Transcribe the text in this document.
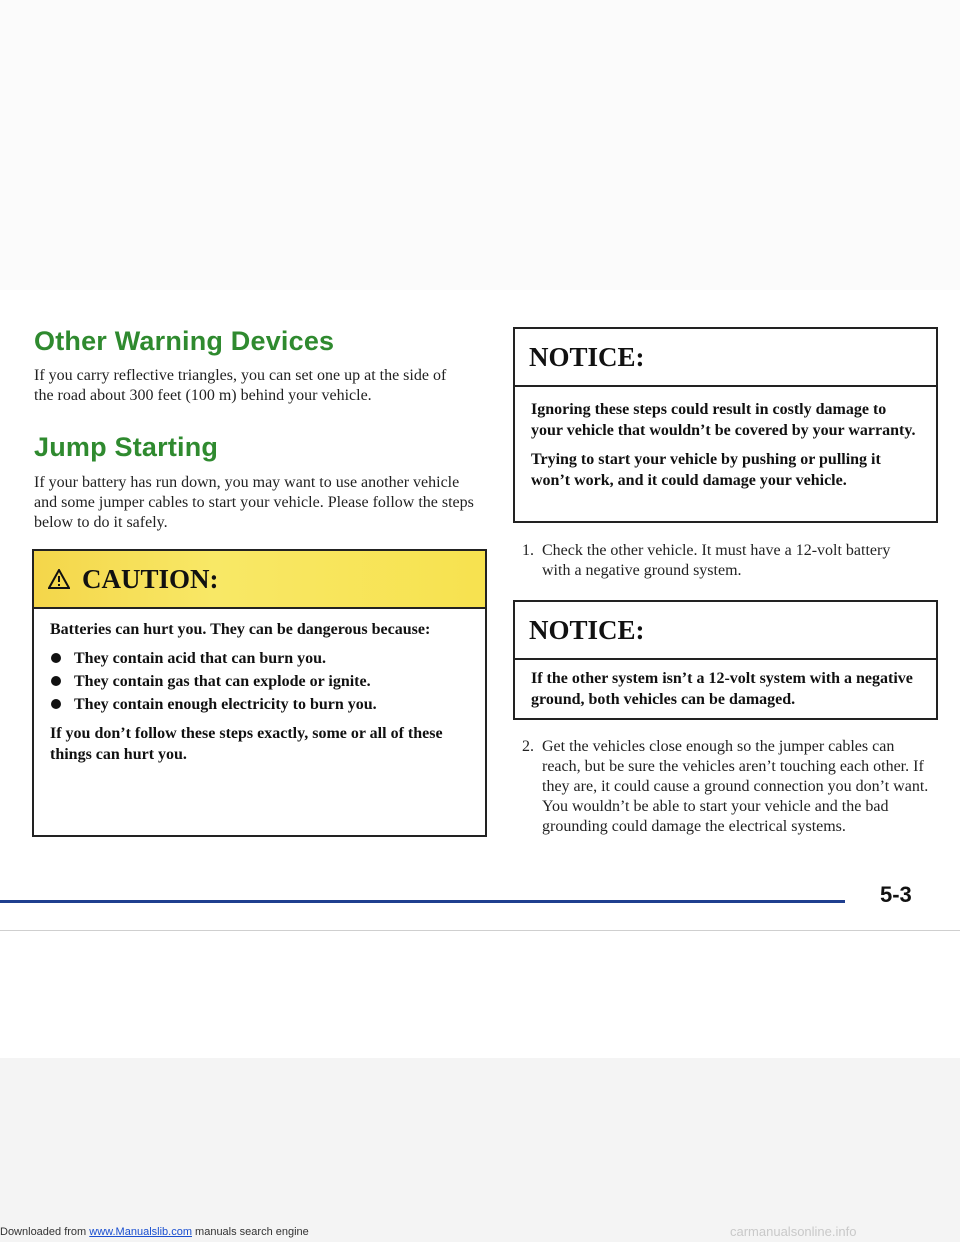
Other Warning Devices

If you carry reflective triangles, you can set one up at the side of the road about 300 feet (100 m) behind your vehicle.

Jump Starting

If your battery has run down, you may want to use another vehicle and some jumper cables to start your vehicle. Please follow the steps below to do it safely.

CAUTION:

Batteries can hurt you. They can be dangerous because:

They contain acid that can burn you.
They contain gas that can explode or ignite.
They contain enough electricity to burn you.

If you don’t follow these steps exactly, some or all of these things can hurt you.

NOTICE:

Ignoring these steps could result in costly damage to your vehicle that wouldn’t be covered by your warranty.

Trying to start your vehicle by pushing or pulling it won’t work, and it could damage your vehicle.

1. Check the other vehicle. It must have a 12-volt battery with a negative ground system.
NOTICE:

If the other system isn’t a 12-volt system with a negative ground, both vehicles can be damaged.

2. Get the vehicles close enough so the jumper cables can reach, but be sure the vehicles aren’t touching each other. If they are, it could cause a ground connection you don’t want. You wouldn’t be able to start your vehicle and the bad grounding could damage the electrical systems.

5-3

Downloaded from www.Manualslib.com manuals search engine	carmanualsonline.info
